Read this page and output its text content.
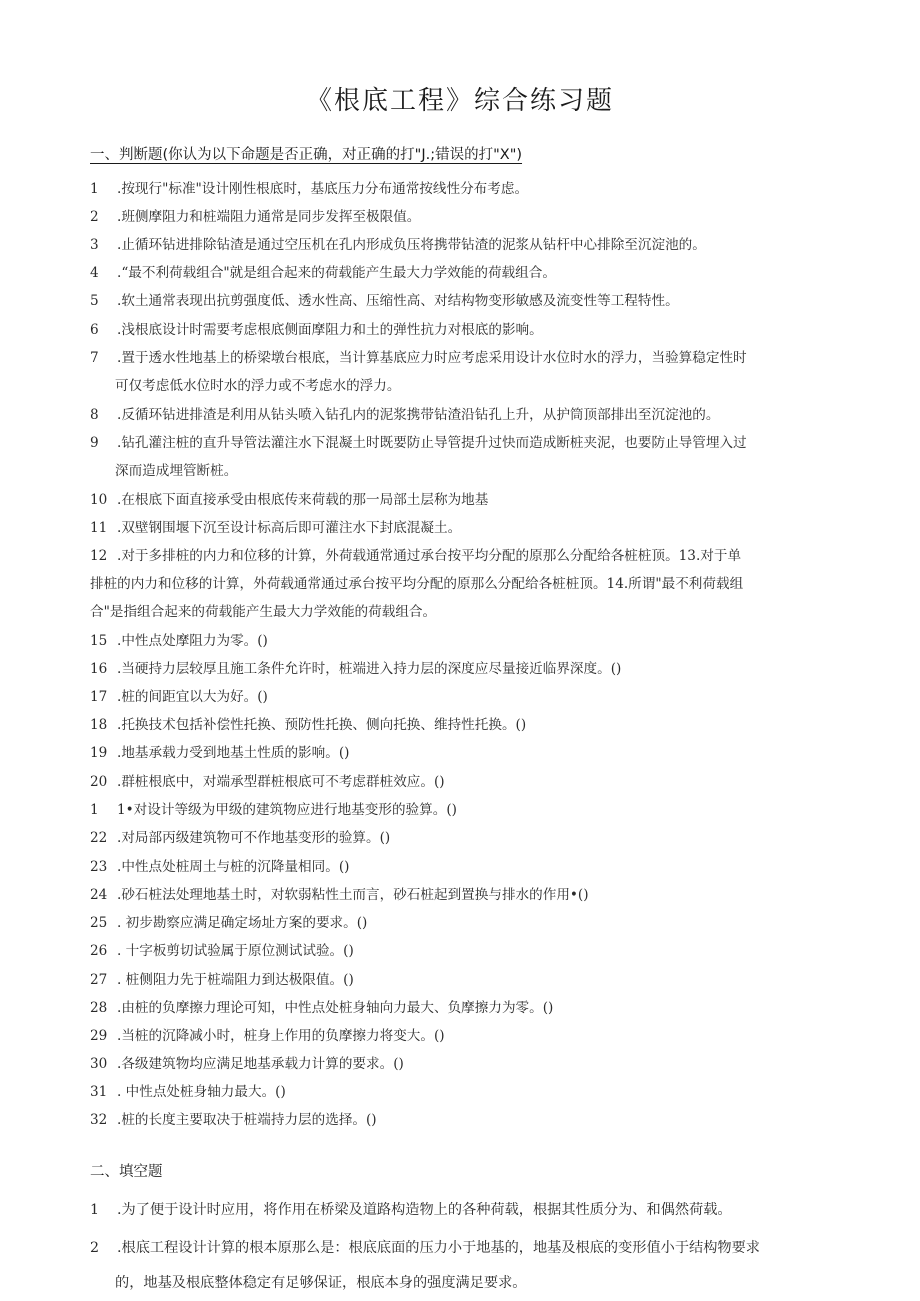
《根底工程》综合练习题
一、判断题(你认为以下命题是否正确，对正确的打"J.;错误的打"X")
1 .按现行"标准"设计刚性根底时，基底压力分布通常按线性分布考虑。
2 .班侧摩阻力和桩端阻力通常是同步发挥至极限值。
3 .止循环钻进排除钻渣是通过空压机在孔内形成负压将携带钻渣的泥浆从钻杆中心排除至沉淀池的。
4 .“最不利荷载组合"就是组合起来的荷载能产生最大力学效能的荷载组合。
5 .软土通常表现出抗剪强度低、透水性高、压缩性高、对结构物变形敏感及流变性等工程特性。
6 .浅根底设计时需要考虑根底侧面摩阻力和土的弹性抗力对根底的影响。
7 .置于透水性地基上的桥梁墩台根底，当计算基底应力时应考虑采用设计水位时水的浮力，当验算稳定性时
可仅考虑低水位时水的浮力或不考虑水的浮力。
8 .反循环钻进排渣是利用从钻头喷入钻孔内的泥浆携带钻渣沿钻孔上升，从护筒顶部排出至沉淀池的。
9 .钻孔灌注桩的直升导管法灌注水下混凝土时既要防止导管提升过快而造成断桩夹泥，也要防止导管埋入过
深而造成埋管断桩。
10 .在根底下面直接承受由根底传来荷载的那一局部土层称为地基
11 .双壁钢围堰下沉至设计标高后即可灌注水下封底混凝土。
12 .对于多排桩的内力和位移的计算，外荷载通常通过承台按平均分配的原那么分配给各桩桩顶。13.对于单
排桩的内力和位移的计算，外荷载通常通过承台按平均分配的原那么分配给各桩桩顶。14.所谓"最不利荷载组
合"是指组合起来的荷载能产生最大力学效能的荷载组合。
15 .中性点处摩阻力为零。()
16 .当硬持力层较厚且施工条件允许时，桩端进入持力层的深度应尽量接近临界深度。()
17 .桩的间距宜以大为好。()
18 .托换技术包括补偿性托换、预防性托换、侧向托换、维持性托换。()
19 .地基承载力受到地基土性质的影响。()
20 .群桩根底中，对端承型群桩根底可不考虑群桩效应。()
1 1•对设计等级为甲级的建筑物应进行地基变形的验算。()
22 .对局部丙级建筑物可不作地基变形的验算。()
23 .中性点处桩周土与桩的沉降量相同。()
24 .砂石桩法处理地基土时，对软弱粘性土而言，砂石桩起到置换与排水的作用•()
25 . 初步勘察应满足确定场址方案的要求。()
26 . 十字板剪切试验属于原位测试试验。()
27 . 桩侧阻力先于桩端阻力到达极限值。()
28 .由桩的负摩擦力理论可知，中性点处桩身轴向力最大、负摩擦力为零。()
29 .当桩的沉降减小时，桩身上作用的负摩擦力将变大。()
30 .各级建筑物均应满足地基承载力计算的要求。()
31 . 中性点处桩身轴力最大。()
32 .桩的长度主要取决于桩端持力层的选择。()
二、填空题
1 .为了便于设计时应用，将作用在桥梁及道路构造物上的各种荷载，根据其性质分为、和偶然荷载。
2 .根底工程设计计算的根本原那么是：根底底面的压力小于地基的，地基及根底的变形值小于结构物要求
的，地基及根底整体稳定有足够保证，根底本身的强度满足要求。
